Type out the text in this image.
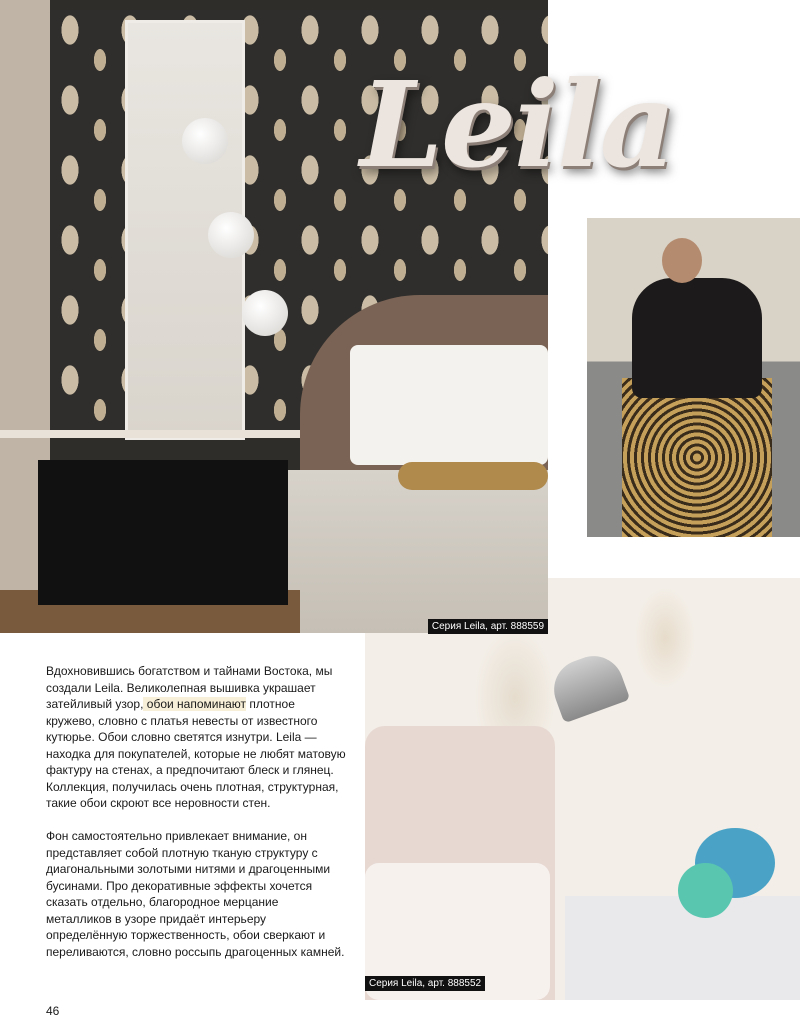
Серия Leila, арт. 888559
Leila
Серия Leila, арт. 888552

Вдохновившись богатством и тайнами Востока, мы создали Leila. Великолепная вышивка украшает затейливый узор, обои напоминают плотное кружево, словно с платья невесты от известного кутюрье. Обои словно светятся изнутри. Leila — находка для покупателей, которые не любят матовую фактуру на стенах, а предпочитают блеск и глянец. Коллекция, получилась очень плотная, структурная, такие обои скроют все неровности стен.

Фон самостоятельно привлекает внимание, он представляет собой плотную тканую структуру с диагональными золотыми нитями и драгоценными бусинами. Про декоративные эффекты хочется сказать отдельно, благородное мерцание металликов в узоре придаёт интерьеру определённую торжественность, обои сверкают и переливаются, словно россыпь драгоценных камней.

46
